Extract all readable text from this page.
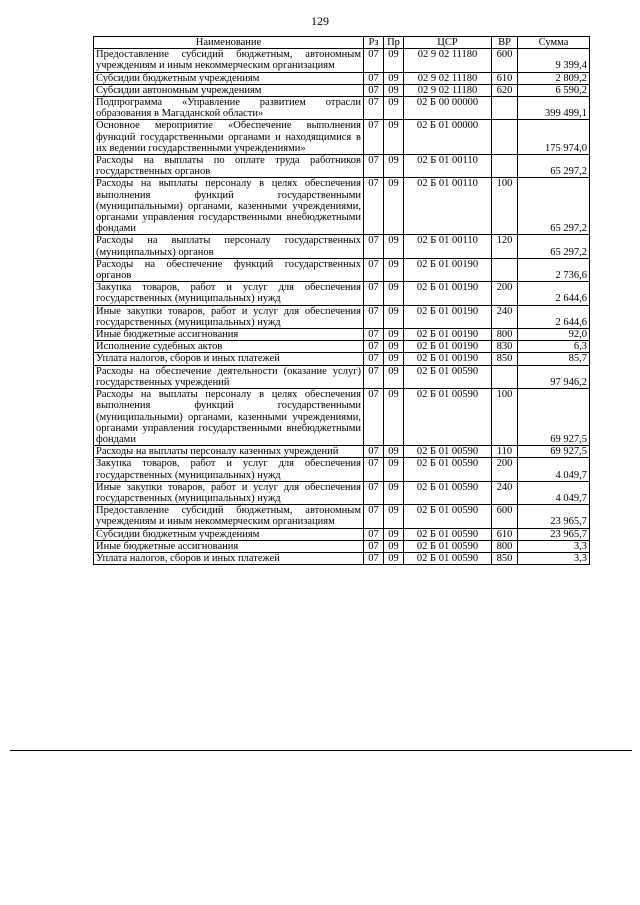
129
Наименование	Рз	Пр	ЦСР	ВР	Сумма
Предоставление субсидий бюджетным, автономным учреждениям и иным некоммерческим организациям	07	09	02 9 02 11180	600	9 399,4
Субсидии бюджетным учреждениям	07	09	02 9 02 11180	610	2 809,2
Субсидии автономным учреждениям	07	09	02 9 02 11180	620	6 590,2
Подпрограмма «Управление развитием отрасли образования в Магаданской области»	07	09	02 Б 00 00000		399 499,1
Основное мероприятие «Обеспечение выполнения функций государственными органами и находящимися в их ведении государственными учреждениями»	07	09	02 Б 01 00000		175 974,0
Расходы на выплаты по оплате труда работников государственных органов	07	09	02 Б 01 00110		65 297,2
Расходы на выплаты персоналу в целях обеспечения выполнения функций государственными (муниципальными) органами, казенными учреждениями, органами управления государственными внебюджетными фондами	07	09	02 Б 01 00110	100	65 297,2
Расходы на выплаты персоналу государственных (муниципальных) органов	07	09	02 Б 01 00110	120	65 297,2
Расходы на обеспечение функций государственных органов	07	09	02 Б 01 00190		2 736,6
Закупка товаров, работ и услуг для обеспечения государственных (муниципальных) нужд	07	09	02 Б 01 00190	200	2 644,6
Иные закупки товаров, работ и услуг для обеспечения государственных (муниципальных) нужд	07	09	02 Б 01 00190	240	2 644,6
Иные бюджетные ассигнования	07	09	02 Б 01 00190	800	92,0
Исполнение судебных актов	07	09	02 Б 01 00190	830	6,3
Уплата налогов, сборов и иных платежей	07	09	02 Б 01 00190	850	85,7
Расходы на обеспечение деятельности (оказание услуг) государственных учреждений	07	09	02 Б 01 00590		97 946,2
Расходы на выплаты персоналу в целях обеспечения выполнения функций государственными (муниципальными) органами, казенными учреждениями, органами управления государственными внебюджетными фондами	07	09	02 Б 01 00590	100	69 927,5
Расходы на выплаты персоналу казенных учреждений	07	09	02 Б 01 00590	110	69 927,5
Закупка товаров, работ и услуг для обеспечения государственных (муниципальных) нужд	07	09	02 Б 01 00590	200	4 049,7
Иные закупки товаров, работ и услуг для обеспечения государственных (муниципальных) нужд	07	09	02 Б 01 00590	240	4 049,7
Предоставление субсидий бюджетным, автономным учреждениям и иным некоммерческим организациям	07	09	02 Б 01 00590	600	23 965,7
Субсидии бюджетным учреждениям	07	09	02 Б 01 00590	610	23 965,7
Иные бюджетные ассигнования	07	09	02 Б 01 00590	800	3,3
Уплата налогов, сборов и иных платежей	07	09	02 Б 01 00590	850	3,3
